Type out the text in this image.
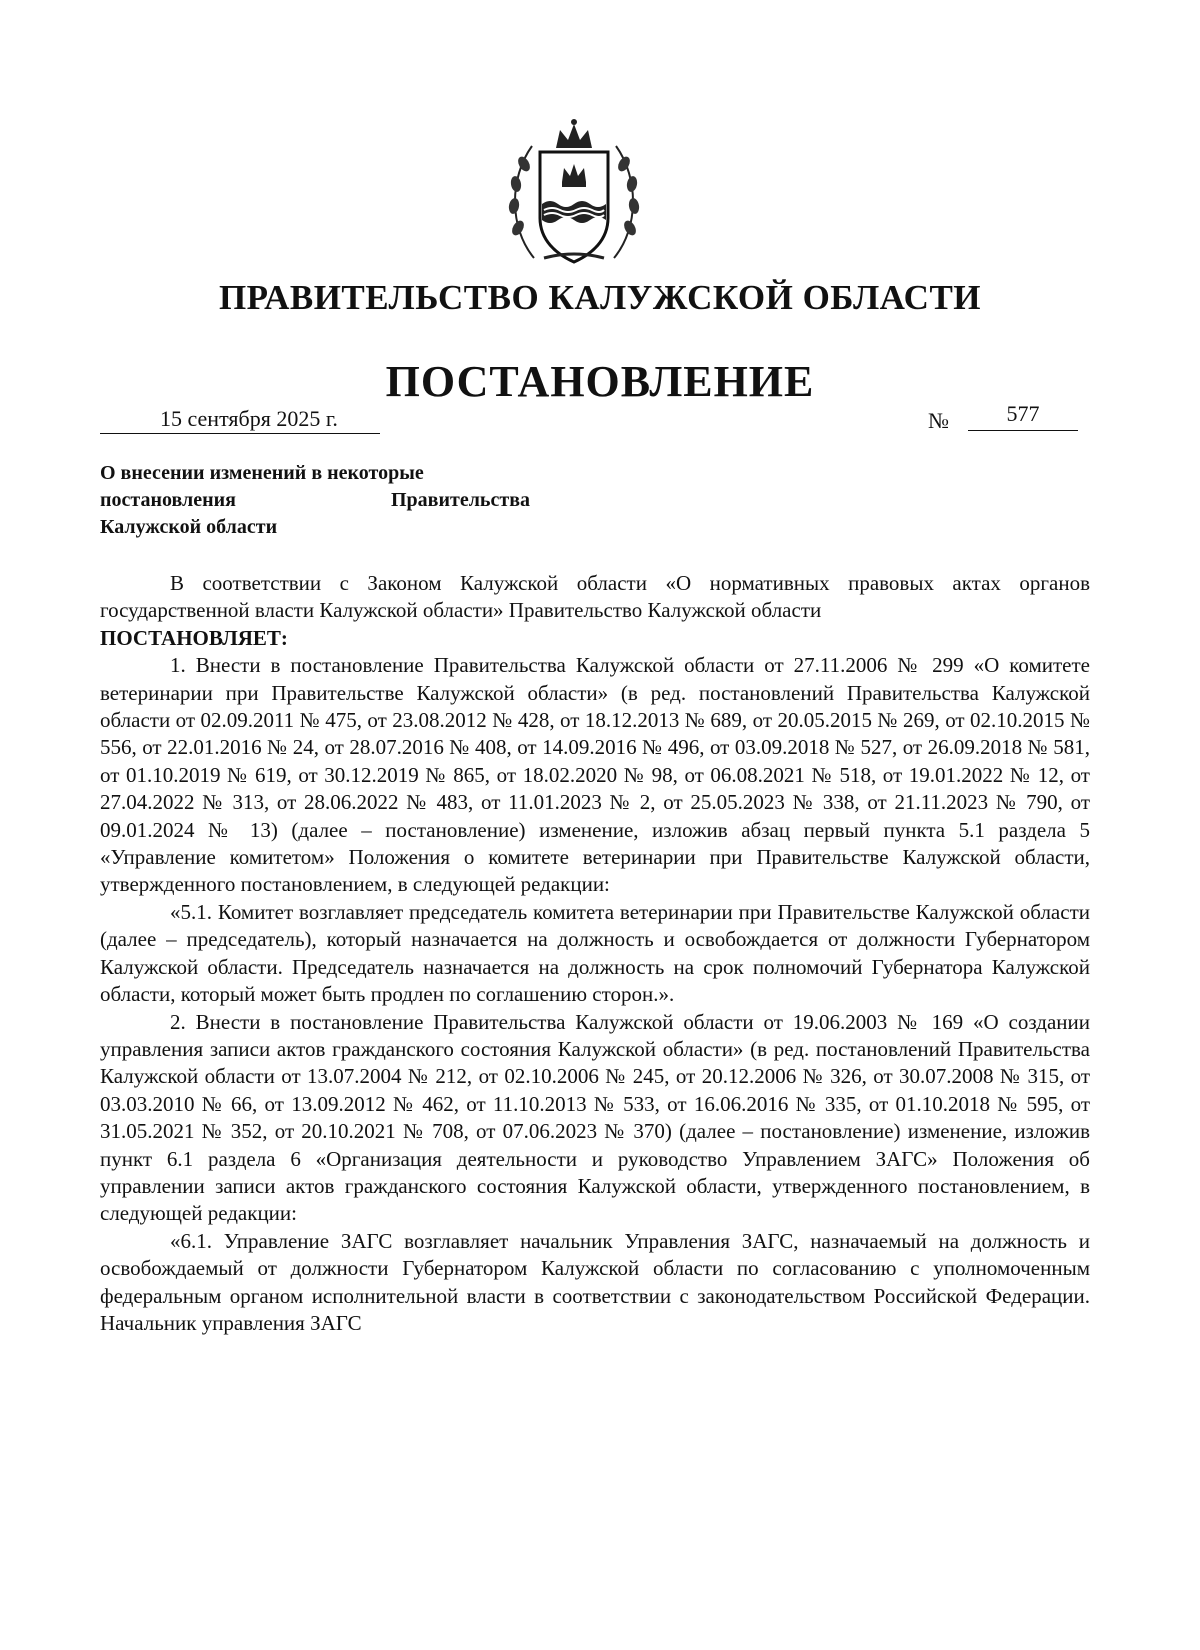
ПРАВИТЕЛЬСТВО КАЛУЖСКОЙ ОБЛАСТИ
ПОСТАНОВЛЕНИЕ
15 сентября 2025 г.	№	577
О внесении изменений в некоторые
постановления	Правительства
Калужской области

В соответствии с Законом Калужской области «О нормативных правовых актах органов государственной власти Калужской области» Правительство Калужской области

ПОСТАНОВЛЯЕТ:

1. Внести в постановление Правительства Калужской области от 27.11.2006 № 299 «О комитете ветеринарии при Правительстве Калужской области» (в ред. постановлений Правительства Калужской области от 02.09.2011 № 475, от 23.08.2012 № 428, от 18.12.2013 № 689, от 20.05.2015 № 269, от 02.10.2015 № 556, от 22.01.2016 № 24, от 28.07.2016 № 408, от 14.09.2016 № 496, от 03.09.2018 № 527, от 26.09.2018 № 581, от 01.10.2019 № 619, от 30.12.2019 № 865, от 18.02.2020 № 98, от 06.08.2021 № 518, от 19.01.2022 № 12, от 27.04.2022 № 313, от 28.06.2022 № 483, от 11.01.2023 № 2, от 25.05.2023 № 338, от 21.11.2023 № 790, от 09.01.2024 № 13) (далее – постановление) изменение, изложив абзац первый пункта 5.1 раздела 5 «Управление комитетом» Положения о комитете ветеринарии при Правительстве Калужской области, утвержденного постановлением, в следующей редакции:

«5.1. Комитет возглавляет председатель комитета ветеринарии при Правительстве Калужской области (далее – председатель), который назначается на должность и освобождается от должности Губернатором Калужской области. Председатель назначается на должность на срок полномочий Губернатора Калужской области, который может быть продлен по соглашению сторон.».

2. Внести в постановление Правительства Калужской области от 19.06.2003 № 169 «О создании управления записи актов гражданского состояния Калужской области» (в ред. постановлений Правительства Калужской области от 13.07.2004 № 212, от 02.10.2006 № 245, от 20.12.2006 № 326, от 30.07.2008 № 315, от 03.03.2010 № 66, от 13.09.2012 № 462, от 11.10.2013 № 533, от 16.06.2016 № 335, от 01.10.2018 № 595, от 31.05.2021 № 352, от 20.10.2021 № 708, от 07.06.2023 № 370) (далее – постановление) изменение, изложив пункт 6.1 раздела 6 «Организация деятельности и руководство Управлением ЗАГС» Положения об управлении записи актов гражданского состояния Калужской области, утвержденного постановлением, в следующей редакции:

«6.1. Управление ЗАГС возглавляет начальник Управления ЗАГС, назначаемый на должность и освобождаемый от должности Губернатором Калужской области по согласованию с уполномоченным федеральным органом исполнительной власти в соответствии с законодательством Российской Федерации. Начальник управления ЗАГС
